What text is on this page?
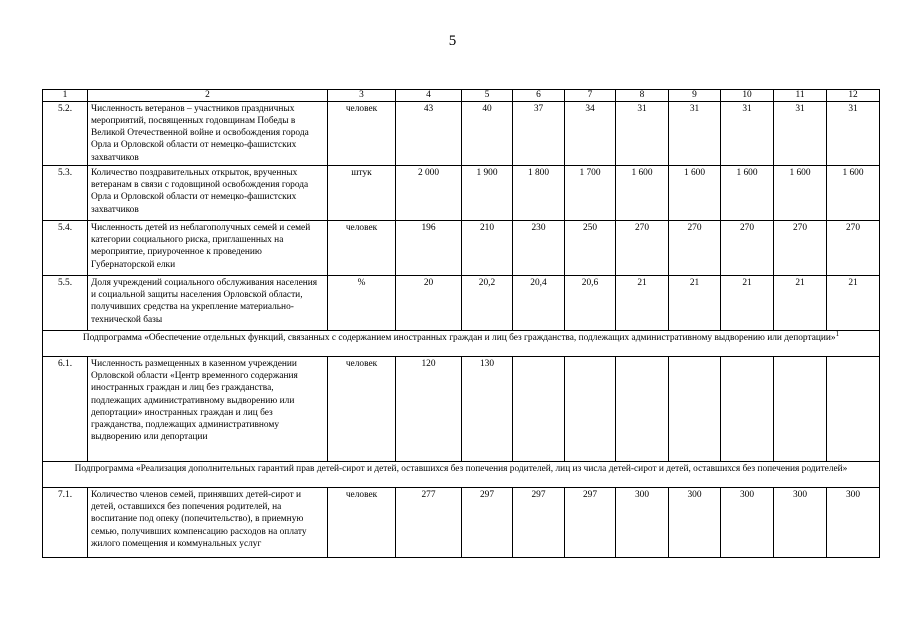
5
1	2	3	4	5	6	7	8	9	10	11	12
5.2.	Численность ветеранов – участников праздничных мероприятий, посвященных годовщинам Победы в Великой Отечественной войне и освобождения города Орла и Орловской области от немецко-фашистских захватчиков	человек	43	40	37	34	31	31	31	31	31
5.3.	Количество поздравительных открыток, врученных ветеранам в связи с годовщиной освобождения города Орла и Орловской области от немецко-фашистских захватчиков	штук	2 000	1 900	1 800	1 700	1 600	1 600	1 600	1 600	1 600
5.4.	Численность детей из неблагополучных семей и семей категории социального риска, приглашенных на мероприятие, приуроченное к проведению Губернаторской елки	человек	196	210	230	250	270	270	270	270	270
5.5.	Доля учреждений социального обслуживания населения и социальной защиты населения Орловской области, получивших средства на укрепление материально-технической базы	%	20	20,2	20,4	20,6	21	21	21	21	21
Подпрограмма «Обеспечение отдельных функций, связанных с содержанием иностранных граждан и лиц без гражданства, подлежащих административному выдворению или депортации»$^1$
6.1.	Численность размещенных в казенном учреждении Орловской области «Центр временного содержания иностранных граждан и лиц без гражданства, подлежащих административному выдворению или депортации» иностранных граждан и лиц без гражданства, подлежащих административному выдворению или депортации	человек	120	130							
Подпрограмма «Реализация дополнительных гарантий прав детей-сирот и детей, оставшихся без попечения родителей, лиц из числа детей-сирот и детей, оставшихся без попечения родителей»											
7.1.	Количество членов семей, принявших детей-сирот и детей, оставшихся без попечения родителей, на воспитание под опеку (попечительство), в приемную семью, получивших компенсацию расходов на оплату жилого помещения и коммунальных услуг	человек	277	297	297	297	300	300	300	300	300
